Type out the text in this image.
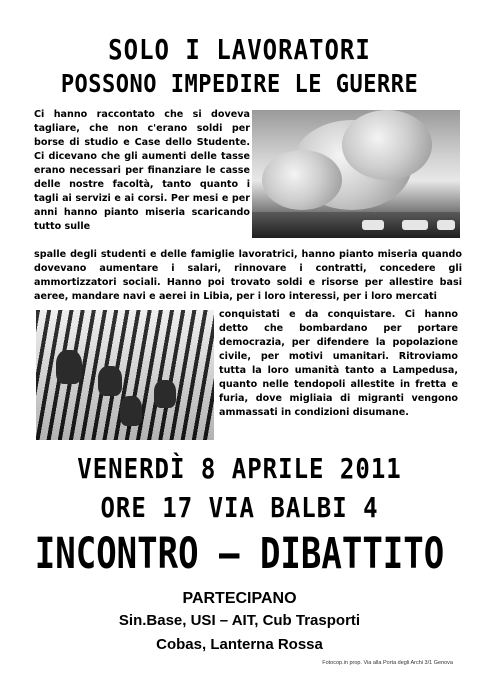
SOLO I LAVORATORI
POSSONO IMPEDIRE LE GUERRE
Ci hanno raccontato che si doveva tagliare, che non c'erano soldi per borse di studio e Case dello Studente. Ci dicevano che gli aumenti delle tasse erano necessari per finanziare le casse delle nostre facoltà, tanto quanto i tagli ai servizi e ai corsi. Per mesi e per anni hanno pianto miseria scaricando tutto sulle
spalle degli studenti e delle famiglie lavoratrici, hanno pianto miseria quando dovevano aumentare i salari, rinnovare i contratti, concedere gli ammortizzatori sociali. Hanno poi trovato soldi e risorse per allestire basi aeree, mandare navi e aerei in Libia, per i loro interessi, per i loro mercati
conquistati e da conquistare. Ci hanno detto che bombardano per portare democrazia, per difendere la popolazione civile, per motivi umanitari. Ritroviamo tutta la loro umanità tanto a Lampedusa, quanto nelle tendopoli allestite in fretta e furia, dove migliaia di migranti vengono ammassati in condizioni disumane.
VENERDÌ 8 APRILE 2011
ORE 17 VIA BALBI 4
INCONTRO – DIBATTITO
PARTECIPANO
Sin.Base, USI – AIT, Cub Trasporti
Cobas, Lanterna Rossa
Fotocop.in prop. Via alla Porta degli Archi 3/1 Genova
